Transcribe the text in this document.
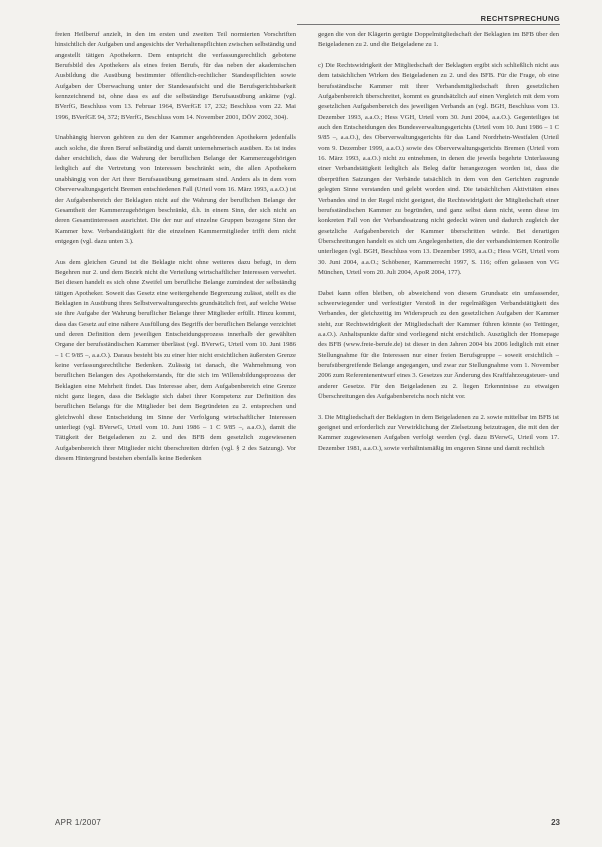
RECHTSPRECHUNG

freien Heilberuf anzielt, in den im ersten und zweiten Teil normierten Vorschriften hinsichtlich der Aufgaben und angesichts der Verhaltenspflichten zwischen selbständig und angestellt tätigen Apothekern. Dem entspricht die verfassungsrechtlich gebotene Berufsbild des Apothekers als eines freien Berufs, für das neben der akademischen Ausbildung die Ausübung bestimmter öffentlich-rechtlicher Standespflichten sowie Aufgaben der Überwachung unter der Standesaufsicht und die Berufsgerichtsbarkeit kennzeichnend ist, ohne dass es auf die selbständige Berufsausübung ankäme (vgl. BVerfG, Beschluss vom 13. Februar 1964, BVerfGE 17, 232; Beschluss vom 22. Mai 1996, BVerfGE 94, 372; BVerfG, Beschluss vom 14. November 2001, DÖV 2002, 304).

Unabhängig hiervon gehören zu den der Kammer angehörenden Apothekern jedenfalls auch solche, die ihren Beruf selbständig und damit unternehmerisch ausüben. Es ist indes daher ersichtlich, dass die Wahrung der beruflichen Belange der Kammerzugehörigen lediglich auf die Vertretung von Interessen beschränkt sein, die allen Apothekern unabhängig von der Art ihrer Berufsausübung gemeinsam sind. Anders als in dem vom Oberverwaltungsgericht Bremen entschiedenen Fall (Urteil vom 16. März 1993, a.a.O.) ist der Aufgabenbereich der Beklagten nicht auf die Wahrung der beruflichen Belange der Gesamtheit der Kammerzugehörigen beschränkt, d.h. in einem Sinn, der sich nicht an deren Gesamtinteressen ausrichtet. Die der nur auf einzelne Gruppen bezogene Sinn der Kammer bzw. Verbandstätigkeit für die einzelnen Kammermitglieder trifft dem nicht entgegen (vgl. dazu unten 3.).

Aus dem gleichen Grund ist die Beklagte nicht ohne weiteres dazu befugt, in dem Begehren nur 2. und dem Bezirk nicht die Verteilung wirtschaftlicher Interessen verwehrt. Bei diesen handelt es sich ohne Zweifel um berufliche Belange zumindest der selbständig tätigen Apotheker. Soweit das Gesetz eine weitergehende Begrenzung zulässt, stellt es die Beklagten in Ausübung ihres Selbstverwaltungsrechts grundsätzlich frei, auf welche Weise sie ihre Aufgabe der Wahrung beruflicher Belange ihrer Mitglieder erfüllt. Hinzu kommt, dass das Gesetz auf eine nähere Ausfüllung des Begriffs der beruflichen Belange verzichtet und deren Definition dem jeweiligen Entscheidungsprozess innerhalb der gewählten Organe der berufsständischen Kammer überlässt (vgl. BVerwG, Urteil vom 10. Juni 1986 – 1 C 9/85 –, a.a.O.). Daraus besteht bis zu einer hier nicht ersichtlichen äußersten Grenze keine verfassungsrechtliche Bedenken. Zulässig ist danach, die Wahrnehmung von beruflichen Belangen des Apothekerstands, für die sich im Willensbildungsprozess der Beklagten eine Mehrheit findet. Das Interesse aber, dem Aufgabenbereich eine Grenze nicht ganz liegen, dass die Beklagte sich dabei ihrer Kompetenz zur Definition des beruflichen Belangs für die Mitglieder bei dem Begründeten zu 2. entsprechen und gleichwohl diese Entscheidung im Sinne der Verfolgung wirtschaftlicher Interessen unterliegt (vgl. BVerwG, Urteil vom 10. Juni 1986 – 1 C 9/85 –, a.a.O.), damit die Tätigkeit der Beigeladenen zu 2. und des BFB dem gesetzlich zugewiesenen Aufgabenbereich ihrer Mitglieder nicht überschreiten dürfen (vgl. § 2 des Satzung). Vor diesem Hintergrund bestehen ebenfalls keine Bedenken

gegen die von der Klägerin gerügte Doppelmitgliedschaft der Beklagten im BFB über den Beigeladenen zu 2. und die Beigeladene zu 1.

c) Die Rechtswidrigkeit der Mitgliedschaft der Beklagten ergibt sich schließlich nicht aus dem tatsächlichen Wirken des Beigeladenen zu 2. und des BFB. Für die Frage, ob eine berufsständische Kammer mit ihrer Verbandsmitgliedschaft ihren gesetzlichen Aufgabenbereich überschreitet, kommt es grundsätzlich auf einen Vergleich mit dem vom gesetzlichen Aufgabenbereich des jeweiligen Verbands an (vgl. BGH, Beschluss vom 13. Dezember 1993, a.a.O.; Hess VGH, Urteil vom 30. Juni 2004, a.a.O.). Gegenteiliges ist auch den Entscheidungen des Bundesverwaltungsgerichts (Urteil vom 10. Juni 1986 – 1 C 9/85 –, a.a.O.), des Oberverwaltungsgerichts für das Land Nordrhein-Westfalen (Urteil vom 9. Dezember 1999, a.a.O.) sowie des Oberverwaltungsgerichts Bremen (Urteil vom 16. März 1993, a.a.O.) nicht zu entnehmen, in denen die jeweils begehrte Unterlassung einer Verbandstätigkeit lediglich als Beleg dafür herangezogen worden ist, dass die überprüften Satzungen der Verbände tatsächlich in dem von den Gerichten zugrunde gelegten Sinne verstanden und gelebt worden sind. Die tatsächlichen Aktivitäten eines Verbandes sind in der Regel nicht geeignet, die Rechtswidrigkeit der Mitgliedschaft einer berufsständischen Kammer zu begründen, und ganz selbst dann nicht, wenn diese im konkreten Fall von der Verbandssatzung nicht gedeckt wären und dadurch zugleich der gesetzliche Aufgabenbereich der Kammer überschritten würde. Bei derartigen Überschreitungen handelt es sich um Angelegenheiten, die der verbandsinternen Kontrolle unterliegen (vgl. BGH, Beschluss vom 13. Dezember 1993, a.a.O.; Hess VGH, Urteil vom 30. Juni 2004, a.a.O.; Schöbener, Kammerrecht 1997, S. 116; offen gelassen von VG München, Urteil vom 20. Juli 2004, ApoR 2004, 177).

Dabei kann offen bleiben, ob abweichend von diesem Grundsatz ein umfassender, schwerwiegender und verfestigter Verstoß in der regelmäßigen Verbandstätigkeit des Verbandes, der gleichzeitig im Widerspruch zu den gesetzlichen Aufgaben der Kammer steht, zur Rechtswidrigkeit der Mitgliedschaft der Kammer führen könnte (so Tettinger, a.a.O.). Anhaltspunkte dafür sind vorliegend nicht ersichtlich. Auszüglich der Homepage des BFB (www.freie-berufe.de) ist dieser in den Jahren 2004 bis 2006 lediglich mit einer Stellungnahme für die Interessen nur einer freien Berufsgruppe – soweit ersichtlich – berufsübergreifende Belange angegangen, und zwar zur Stellungnahme vom 1. November 2006 zum Referentenentwurf eines 3. Gesetzes zur Änderung des Kraftfahrzeugsteuer- und anderer Gesetze. Für den Beigeladenen zu 2. liegen Erkenntnisse zu etwaigen Überschreitungen des Aufgabenbereichs noch nicht vor.

3. Die Mitgliedschaft der Beklagten in dem Beigeladenen zu 2. sowie mittelbar im BFB ist geeignet und erforderlich zur Verwirklichung der Zielsetzung beizutragen, die mit den der Kammer zugewiesenen Aufgaben verfolgt werden (vgl. dazu BVerwG, Urteil vom 17. Dezember 1981, a.a.O.), sowie verhältnismäßig im engeren Sinne und damit rechtlich

APR 1/2007	23
